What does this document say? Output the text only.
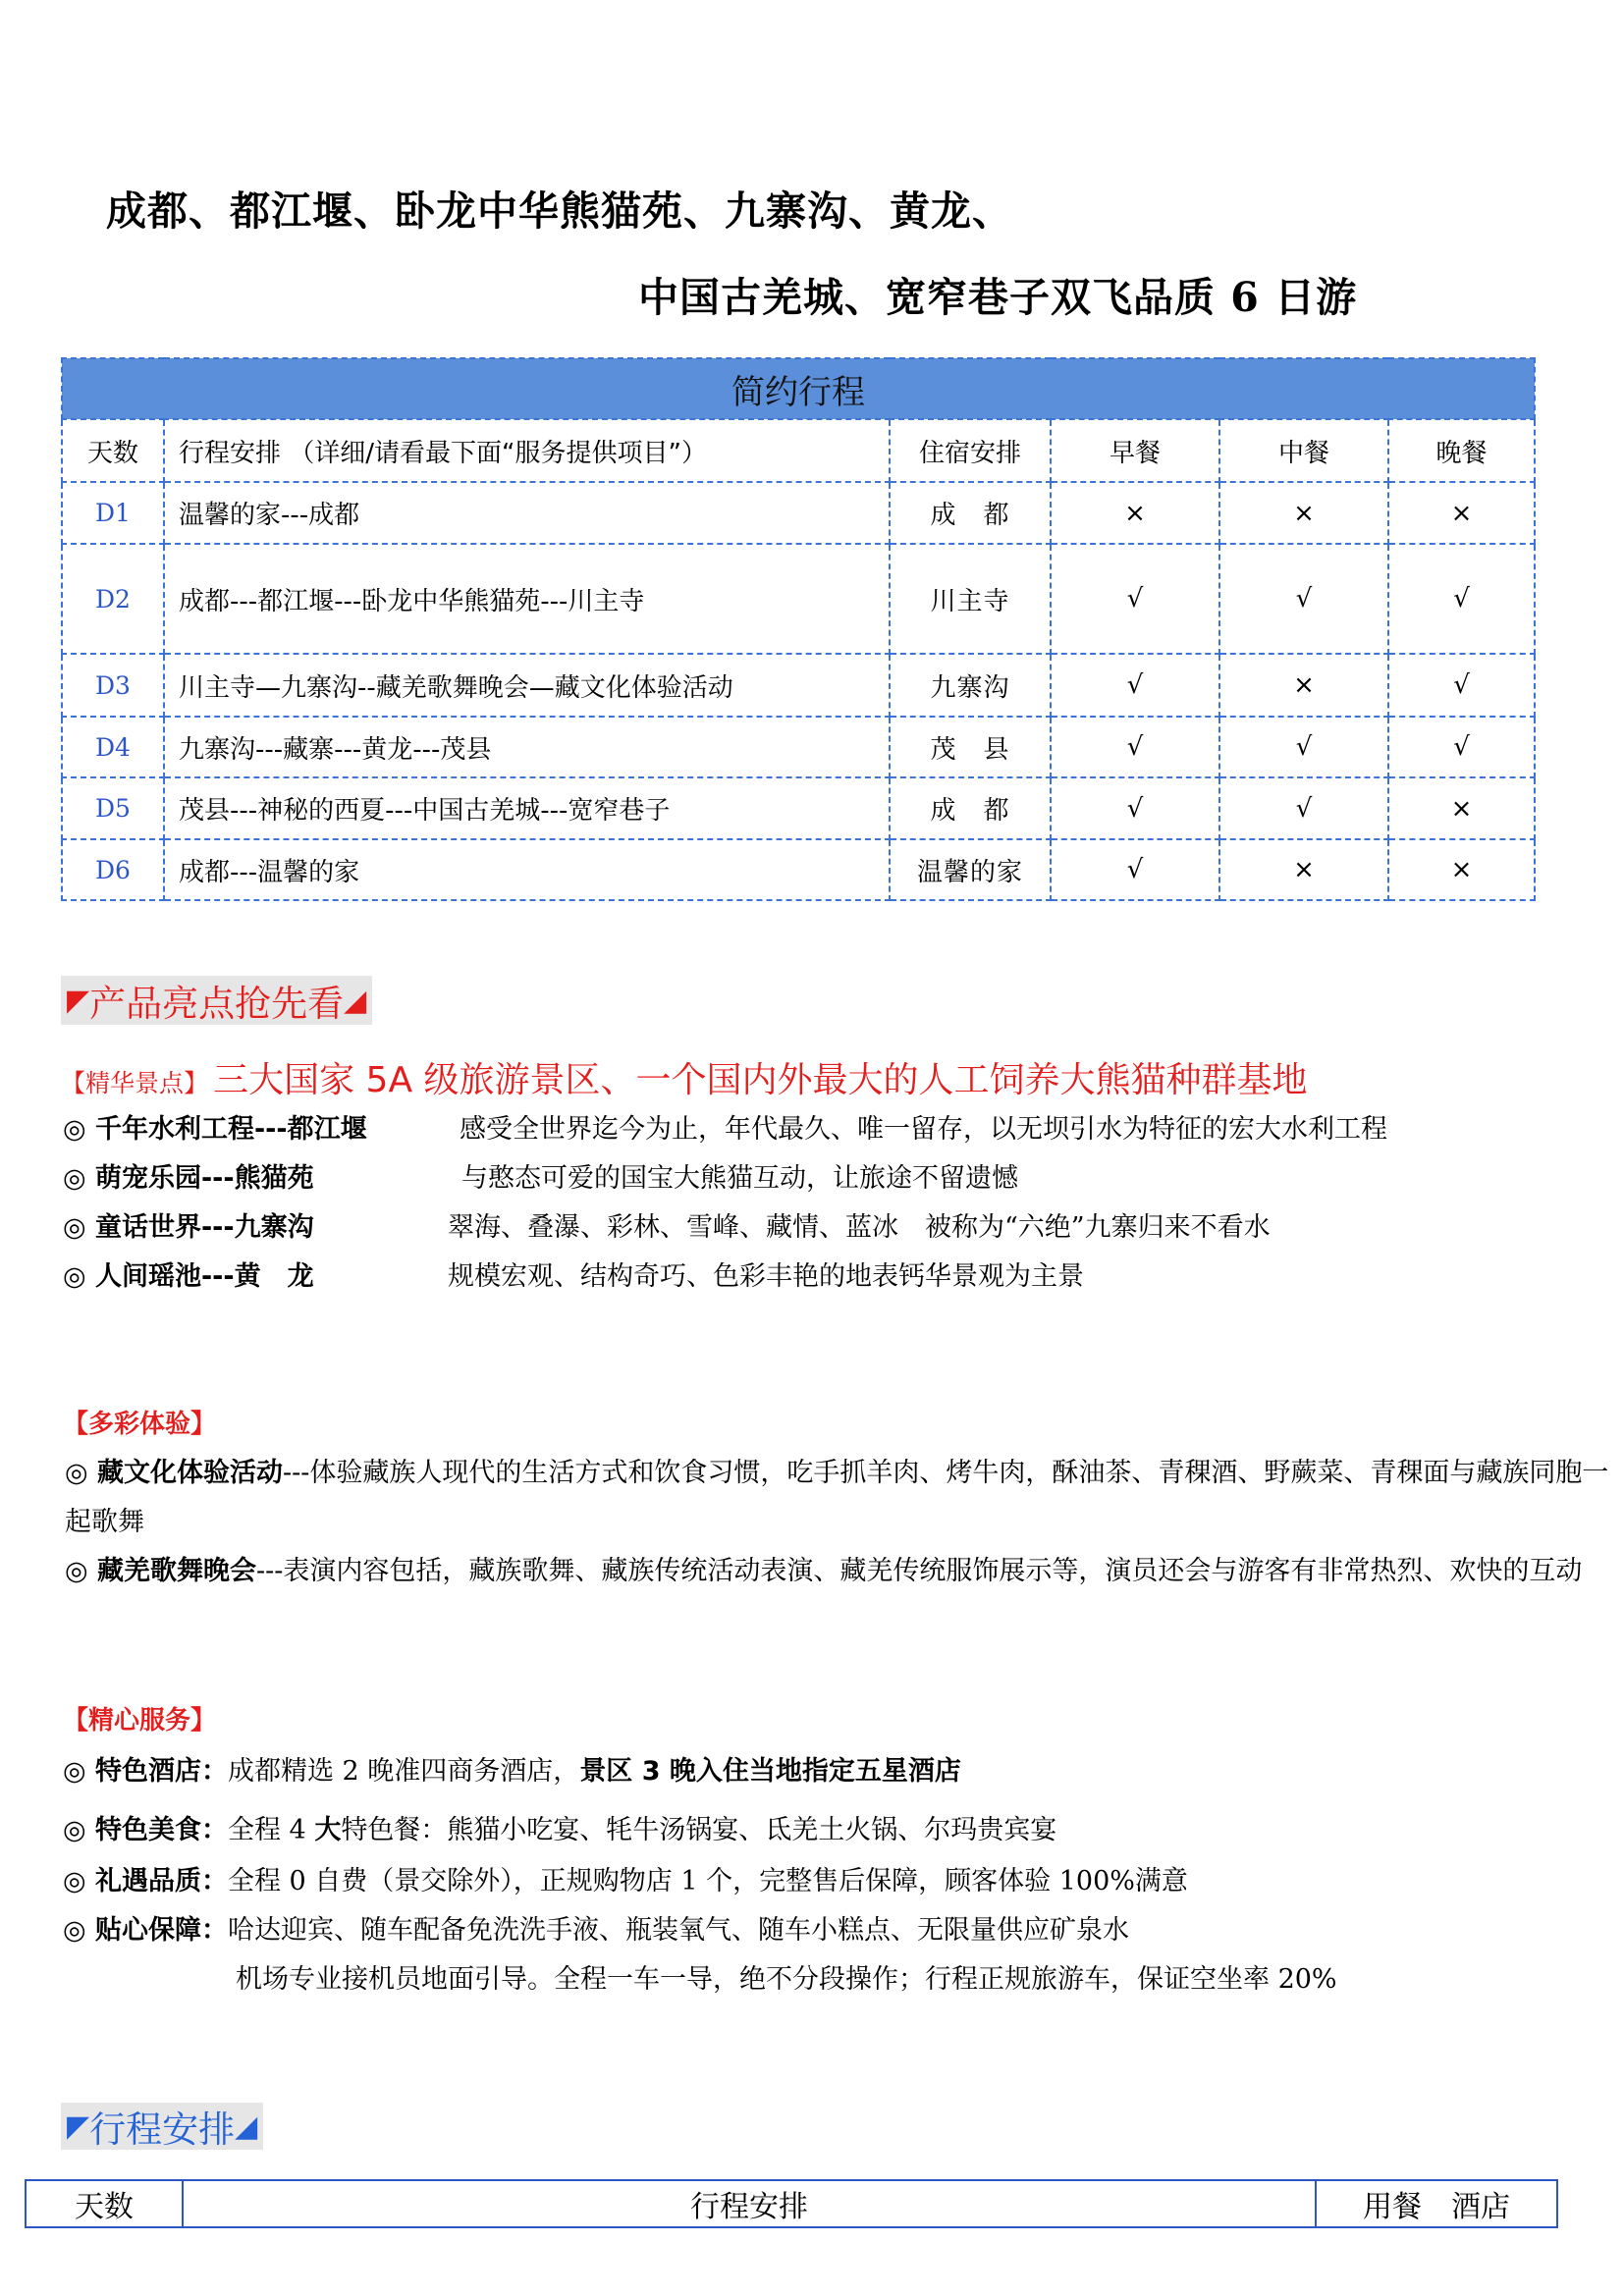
成都、都江堰、卧龙中华熊猫苑、九寨沟、黄龙、
中国古羌城、宽窄巷子双飞品质 6 日游
简约行程					
天数	行程安排 （详细/请看最下面“服务提供项目”）	住宿安排	早餐	中餐	晚餐
D1	温馨的家---成都	成　都	×	×	×
D2	成都---都江堰---卧龙中华熊猫苑---川主寺	川主寺	√	√	√
D3	川主寺—九寨沟--藏羌歌舞晚会—藏文化体验活动	九寨沟	√	×	√
D4	九寨沟---藏寨---黄龙---茂县	茂　县	√	√	√
D5	茂县---神秘的西夏---中国古羌城---宽窄巷子	成　都	√	√	×
D6	成都---温馨的家	温馨的家	√	×	×
◤ 产品亮点抢先看 ◢
【精华景点】 三大国家 5A 级旅游景区、一个国内外最大的人工饲养大熊猫种群基地
◎ 千年水利工程---都江堰	感受全世界迄今为止，年代最久、唯一留存，以无坝引水为特征的宏大水利工程
◎ 萌宠乐园---熊猫苑	与憨态可爱的国宝大熊猫互动，让旅途不留遗憾
◎ 童话世界---九寨沟	翠海、叠瀑、彩林、雪峰、藏情、蓝冰　被称为“六绝”九寨归来不看水
◎ 人间瑶池---黄　龙	规模宏观、结构奇巧、色彩丰艳的地表钙华景观为主景
【多彩体验】
◎ 藏文化体验活动---体验藏族人现代的生活方式和饮食习惯，吃手抓羊肉、烤牛肉，酥油茶、青稞酒、野蕨菜、青稞面与藏族同胞一起歌舞
◎ 藏羌歌舞晚会---表演内容包括，藏族歌舞、藏族传统活动表演、藏羌传统服饰展示等，演员还会与游客有非常热烈、欢快的互动
【精心服务】
◎ 特色酒店：成都精选 2 晚准四商务酒店，景区 3 晚入住当地指定五星酒店
◎ 特色美食：全程 4 大特色餐：熊猫小吃宴、牦牛汤锅宴、氐羌土火锅、尔玛贵宾宴
◎ 礼遇品质：全程 0 自费（景交除外），正规购物店 1 个，完整售后保障，顾客体验 100%满意
◎ 贴心保障：哈达迎宾、随车配备免洗洗手液、瓶装氧气、随车小糕点、无限量供应矿泉水
机场专业接机员地面引导。全程一车一导，绝不分段操作；行程正规旅游车，保证空坐率 20%
◤ 行程安排 ◢
天数	行程安排	用餐　酒店
